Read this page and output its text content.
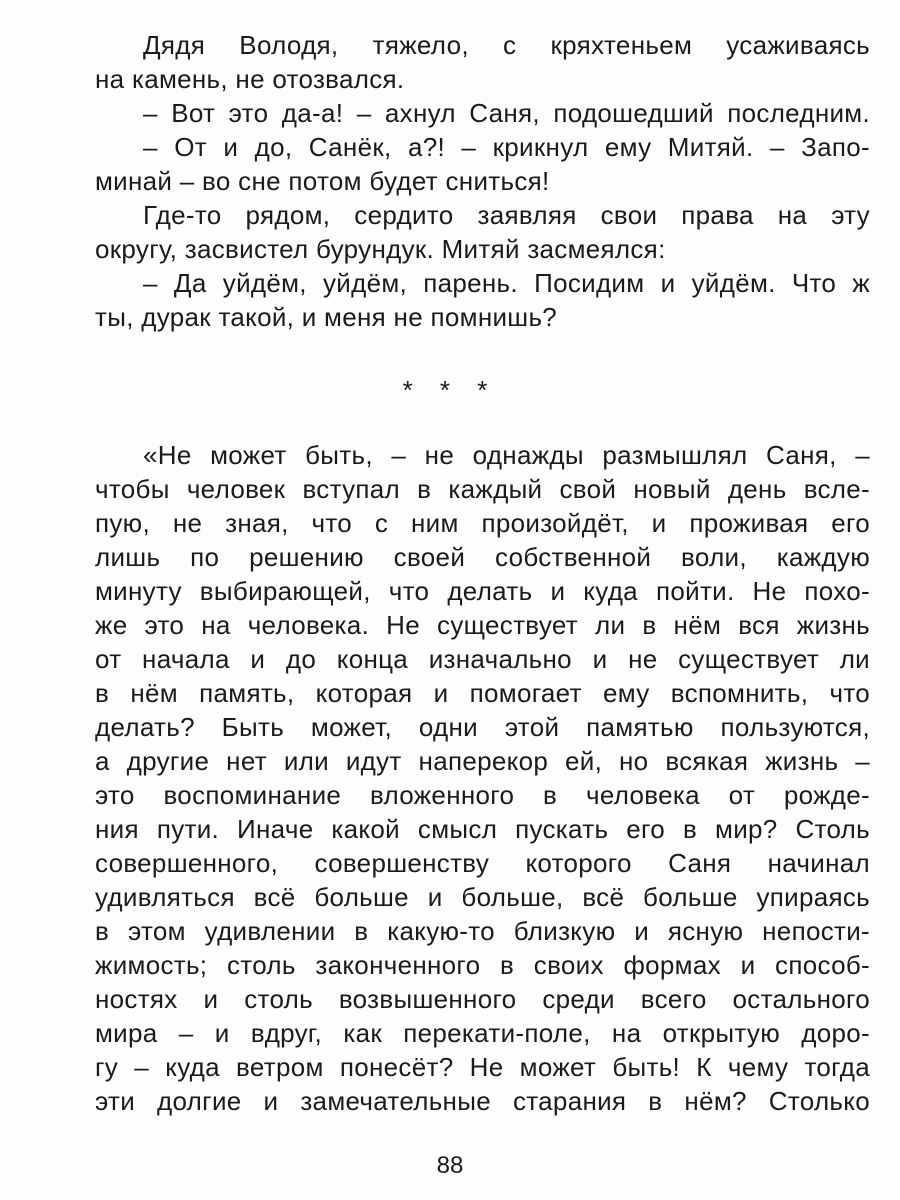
Дядя Володя, тяжело, с кряхтеньем усаживаясь
на камень, не отозвался.
– Вот это да-а! – ахнул Саня, подошедший последним.
– От и до, Санёк, а?! – крикнул ему Митяй. – Запо-
минай – во сне потом будет сниться!
Где-то рядом, сердито заявляя свои права на эту
округу, засвистел бурундук. Митяй засмеялся:
– Да уйдём, уйдём, парень. Посидим и уйдём. Что ж
ты, дурак такой, и меня не помнишь?
* * *
«Не может быть, – не однажды размышлял Саня, –
чтобы человек вступал в каждый свой новый день вслe-
пую, не зная, что с ним произойдёт, и проживая его
лишь по решению своей собственной воли, каждую
минуту выбирающей, что делать и куда пойти. Не похо-
же это на человека. Не существует ли в нём вся жизнь
от начала и до конца изначально и не существует ли
в нём память, которая и помогает ему вспомнить, что
делать? Быть может, одни этой памятью пользуются,
а другие нет или идут наперекор ей, но всякая жизнь –
это воспоминание вложенного в человека от рожде-
ния пути. Иначе какой смысл пускать его в мир? Столь
совершенного, совершенству которого Саня начинал
удивляться всё больше и больше, всё больше упираясь
в этом удивлении в какую-то близкую и ясную непости-
жимость; столь законченного в своих формах и способ-
ностях и столь возвышенного среди всего остального
мира – и вдруг, как перекати-поле, на открытую доро-
гу – куда ветром понесёт? Не может быть! К чему тогда
эти долгие и замечательные старания в нём? Столько
88
